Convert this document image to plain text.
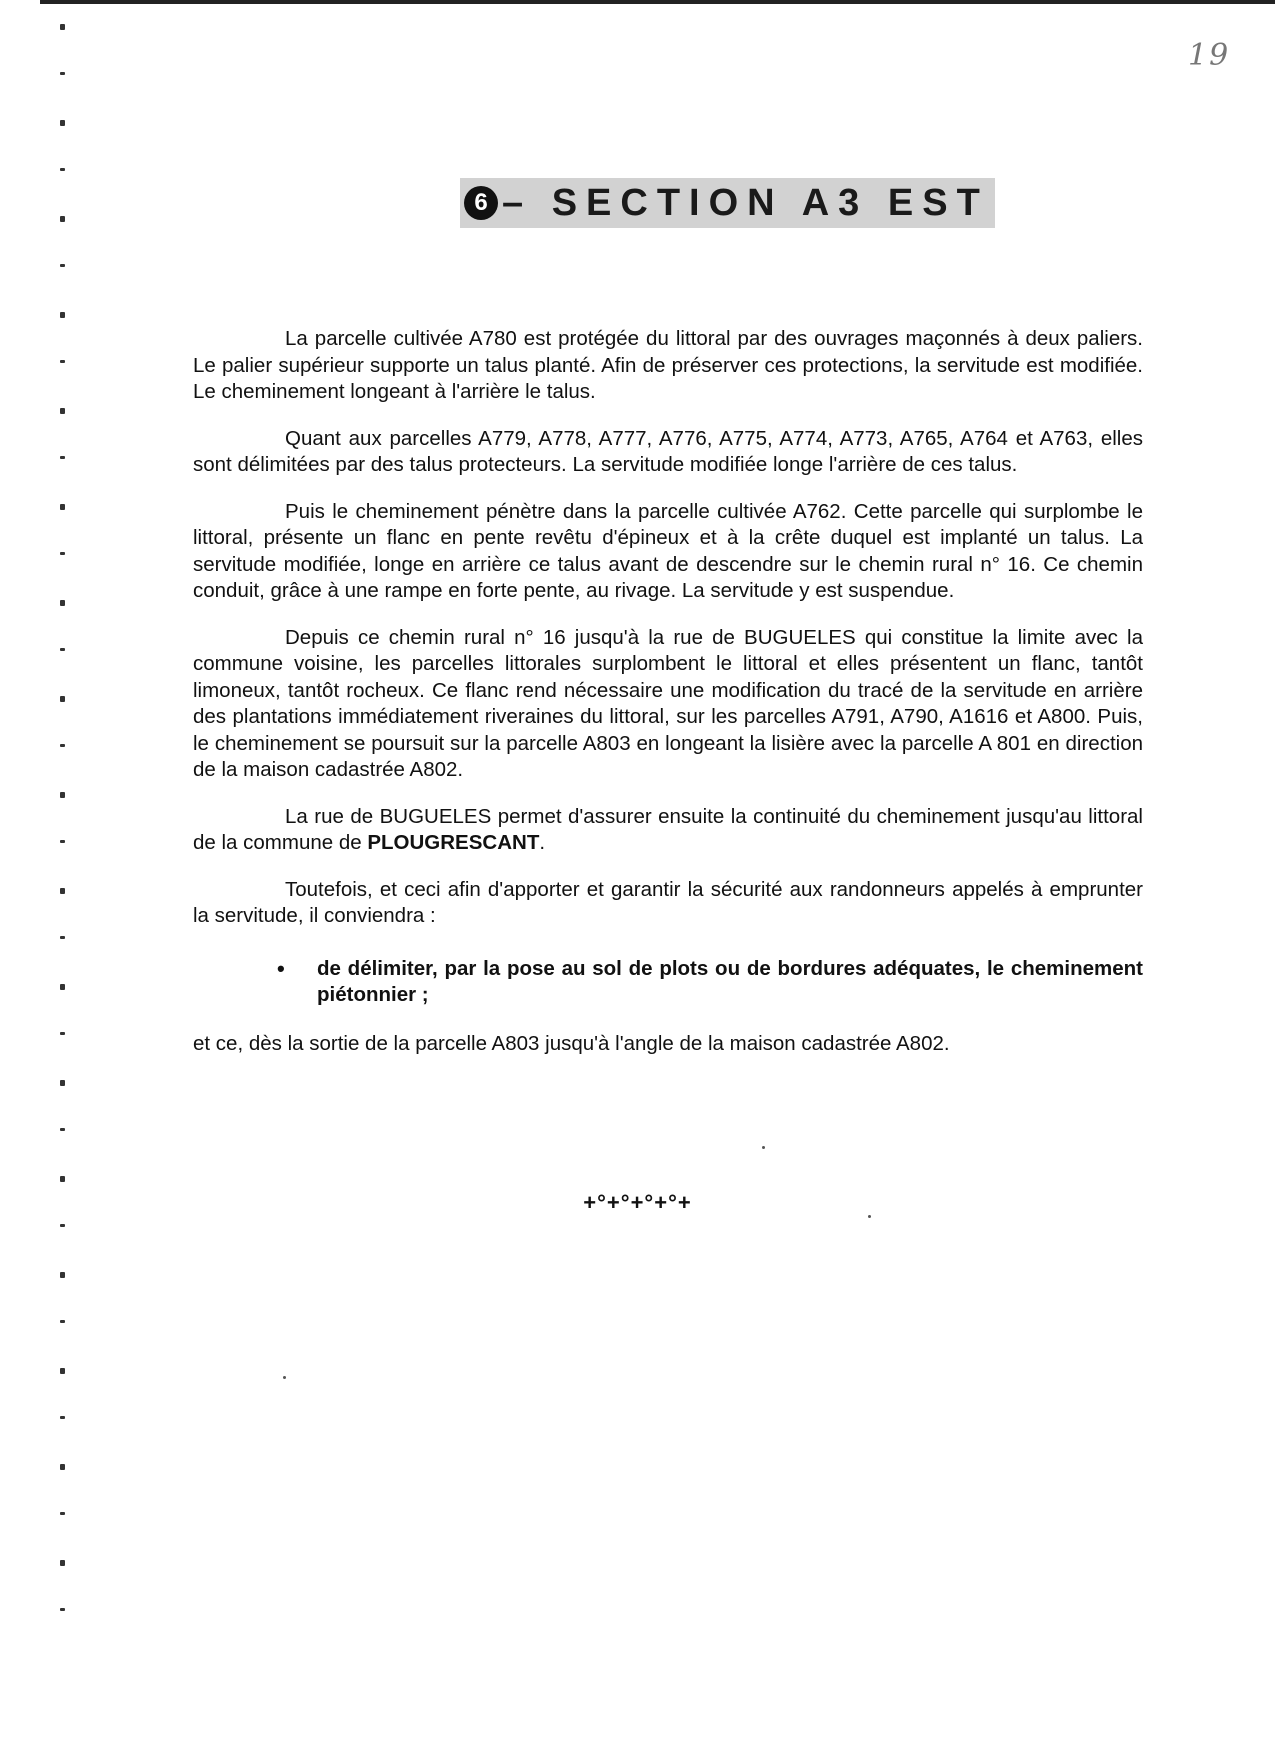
19
6 – SECTION A3 EST

La parcelle cultivée A780 est protégée du littoral par des ouvrages maçonnés à deux paliers. Le palier supérieur supporte un talus planté. Afin de préserver ces protections, la servitude est modifiée. Le cheminement longeant à l'arrière le talus.

Quant aux parcelles A779, A778, A777, A776, A775, A774, A773, A765, A764 et A763, elles sont délimitées par des talus protecteurs. La servitude modifiée longe l'arrière de ces talus.

Puis le cheminement pénètre dans la parcelle cultivée A762. Cette parcelle qui surplombe le littoral, présente un flanc en pente revêtu d'épineux et à la crête duquel est implanté un talus. La servitude modifiée, longe en arrière ce talus avant de descendre sur le chemin rural n° 16. Ce chemin conduit, grâce à une rampe en forte pente, au rivage. La servitude y est suspendue.

Depuis ce chemin rural n° 16 jusqu'à la rue de BUGUELES qui constitue la limite avec la commune voisine, les parcelles littorales surplombent le littoral et elles présentent un flanc, tantôt limoneux, tantôt rocheux. Ce flanc rend nécessaire une modification du tracé de la servitude en arrière des plantations immédiatement riveraines du littoral, sur les parcelles A791, A790, A1616 et A800. Puis, le cheminement se poursuit sur la parcelle A803 en longeant la lisière avec la parcelle A 801 en direction de la maison cadastrée A802.

La rue de BUGUELES permet d'assurer ensuite la continuité du cheminement jusqu'au littoral de la commune de PLOUGRESCANT.

Toutefois, et ceci afin d'apporter et garantir la sécurité aux randonneurs appelés à emprunter la servitude, il conviendra :

•	de délimiter, par la pose au sol de plots ou de bordures adéquates, le cheminement piétonnier ;

et ce, dès la sortie de la parcelle A803 jusqu'à l'angle de la maison cadastrée A802.

+°+°+°+°+
